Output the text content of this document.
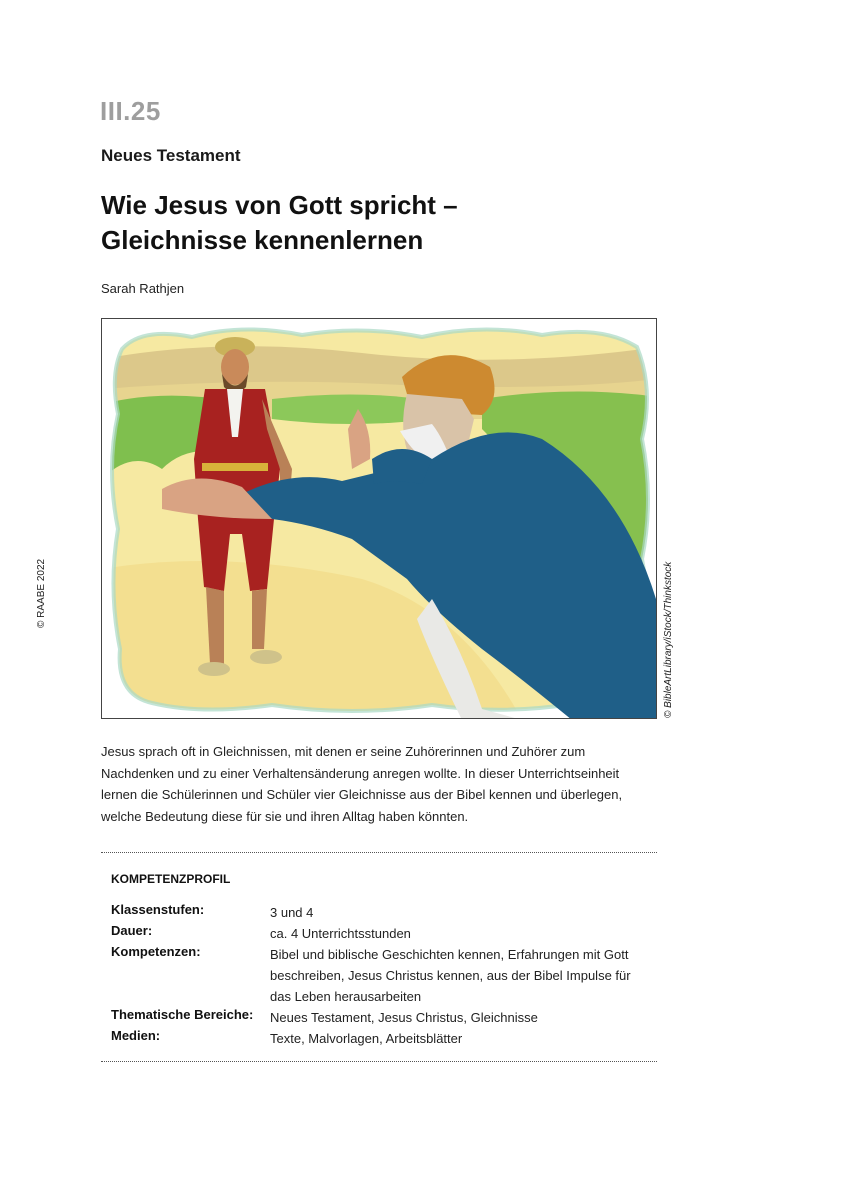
III.25
Neues Testament
Wie Jesus von Gott spricht –
Gleichnisse kennenlernen
Sarah Rathjen
© BibleArtLibrary/iStock/Thinkstock
© RAABE 2022
Jesus sprach oft in Gleichnissen, mit denen er seine Zuhörerinnen und Zuhörer zum Nachdenken und zu einer Verhaltensänderung anregen wollte. In dieser Unterrichtseinheit lernen die Schülerinnen und Schüler vier Gleichnisse aus der Bibel kennen und überlegen, welche Bedeutung diese für sie und ihren Alltag haben könnten.
KOMPETENZPROFIL
Klassenstufen:	3 und 4
Dauer:	ca. 4 Unterrichtsstunden
Kompetenzen:	Bibel und biblische Geschichten kennen, Erfahrungen mit Gott beschreiben, Jesus Christus kennen, aus der Bibel Impulse für das Leben herausarbeiten
Thematische Bereiche: Neues Testament, Jesus Christus, Gleichnisse
Medien:	Texte, Malvorlagen, Arbeitsblätter
